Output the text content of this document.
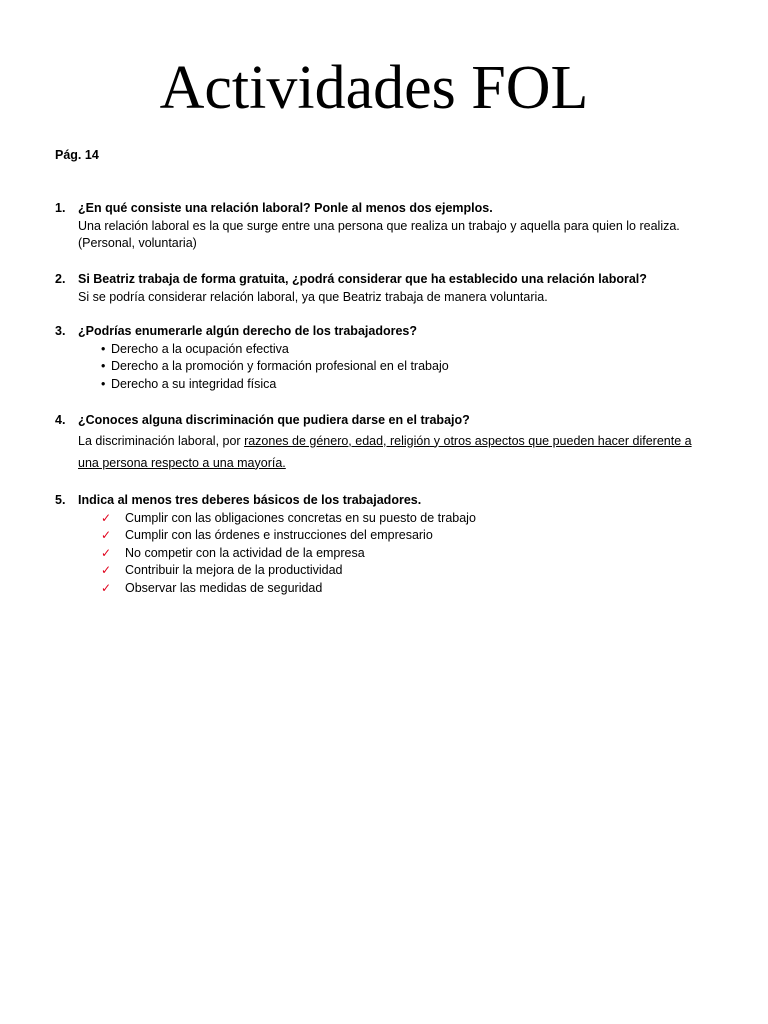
Actividades FOL
Pág. 14
1.	¿En qué consiste una relación laboral? Ponle al menos dos ejemplos.
Una relación laboral es la que surge entre una persona que realiza un trabajo y aquella para quien lo realiza. (Personal, voluntaria)
2.	Si Beatriz trabaja de forma gratuita, ¿podrá considerar que ha establecido una relación laboral?
Si se podría considerar relación laboral, ya que Beatriz trabaja de manera voluntaria.
3.	¿Podrías enumerarle algún derecho de los trabajadores?
• Derecho a la ocupación efectiva
• Derecho a la promoción y formación profesional en el trabajo
• Derecho a su integridad física
4.	¿Conoces alguna discriminación que pudiera darse en el trabajo?
La discriminación laboral, por razones de género, edad, religión y otros aspectos que pueden hacer diferente a una persona respecto a una mayoría.
5.	Indica al menos tres deberes básicos de los trabajadores.
✓	Cumplir con las obligaciones concretas en su puesto de trabajo
✓	Cumplir con las órdenes e instrucciones del empresario
✓	No competir con la actividad de la empresa
✓	Contribuir la mejora de la productividad
✓	Observar las medidas de seguridad
